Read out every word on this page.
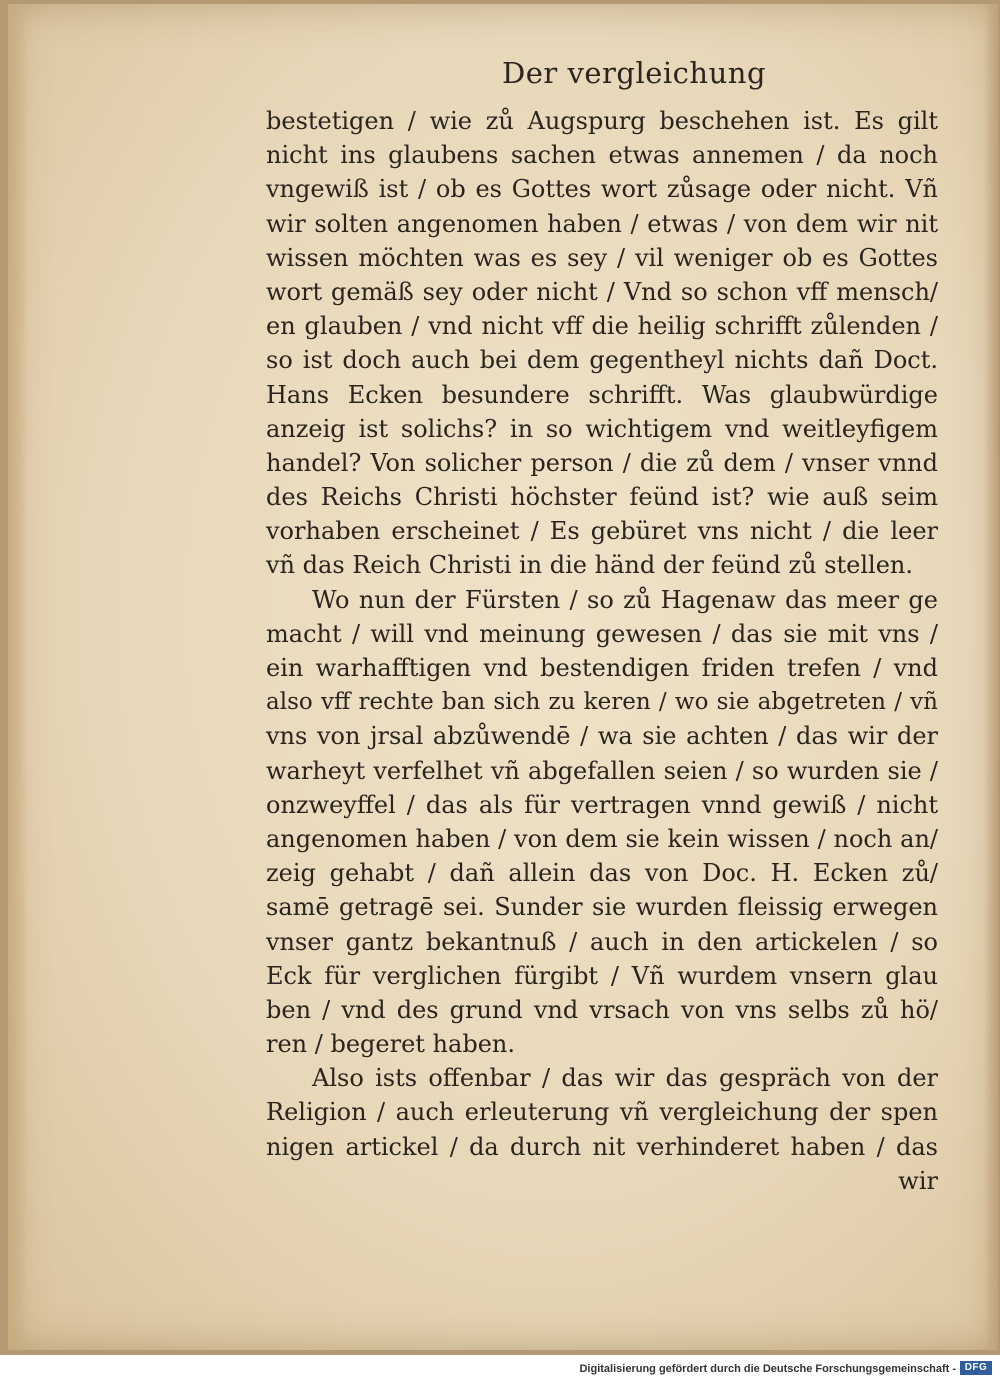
Der vergleichung
bestetigen / wie zů Augspurg beschehen ist. Es gilt
nicht ins glaubens sachen etwas annemen / da noch
vngewiß ist / ob es Gottes wort zůsage oder nicht. Vñ
wir solten angenomen haben / etwas / von dem wir nit
wissen möchten was es sey / vil weniger ob es Gottes
wort gemäß sey oder nicht / Vnd so schon vff mensch/
en glauben / vnd nicht vff die heilig schrifft zůlenden /
so ist doch auch bei dem gegentheyl nichts dañ Doct.
Hans Ecken besundere schrifft. Was glaubwürdige
anzeig ist solichs? in so wichtigem vnd weitleyfigem
handel? Von solicher person / die zů dem / vnser vnnd
des Reichs Christi höchster feünd ist? wie auß seim
vorhaben erscheinet / Es gebüret vns nicht / die leer
vñ das Reich Christi in die händ der feünd zů stellen.
Wo nun der Fürsten / so zů Hagenaw das meer ge
macht / will vnd meinung gewesen / das sie mit vns /
ein warhafftigen vnd bestendigen friden trefen / vnd
also vff rechte ban sich zu keren / wo sie abgetreten / vñ
vns von jrsal abzůwendē / wa sie achten / das wir der
warheyt verfelhet vñ abgefallen seien / so wurden sie /
onzweyffel / das als für vertragen vnnd gewiß / nicht
angenomen haben / von dem sie kein wissen / noch an/
zeig gehabt / dañ allein das von Doc. H. Ecken zů/
samē getragē sei. Sunder sie wurden fleissig erwegen
vnser gantz bekantnuß / auch in den artickelen / so
Eck für verglichen fürgibt / Vñ wurdem vnsern glau
ben / vnd des grund vnd vrsach von vns selbs zů hö/
ren / begeret haben.
Also ists offenbar / das wir das gespräch von der
Religion / auch erleuterung vñ vergleichung der spen
nigen artickel / da durch nit verhinderet haben / das
wir
Digitalisierung gefördert durch die Deutsche Forschungsgemeinschaft - DFG
